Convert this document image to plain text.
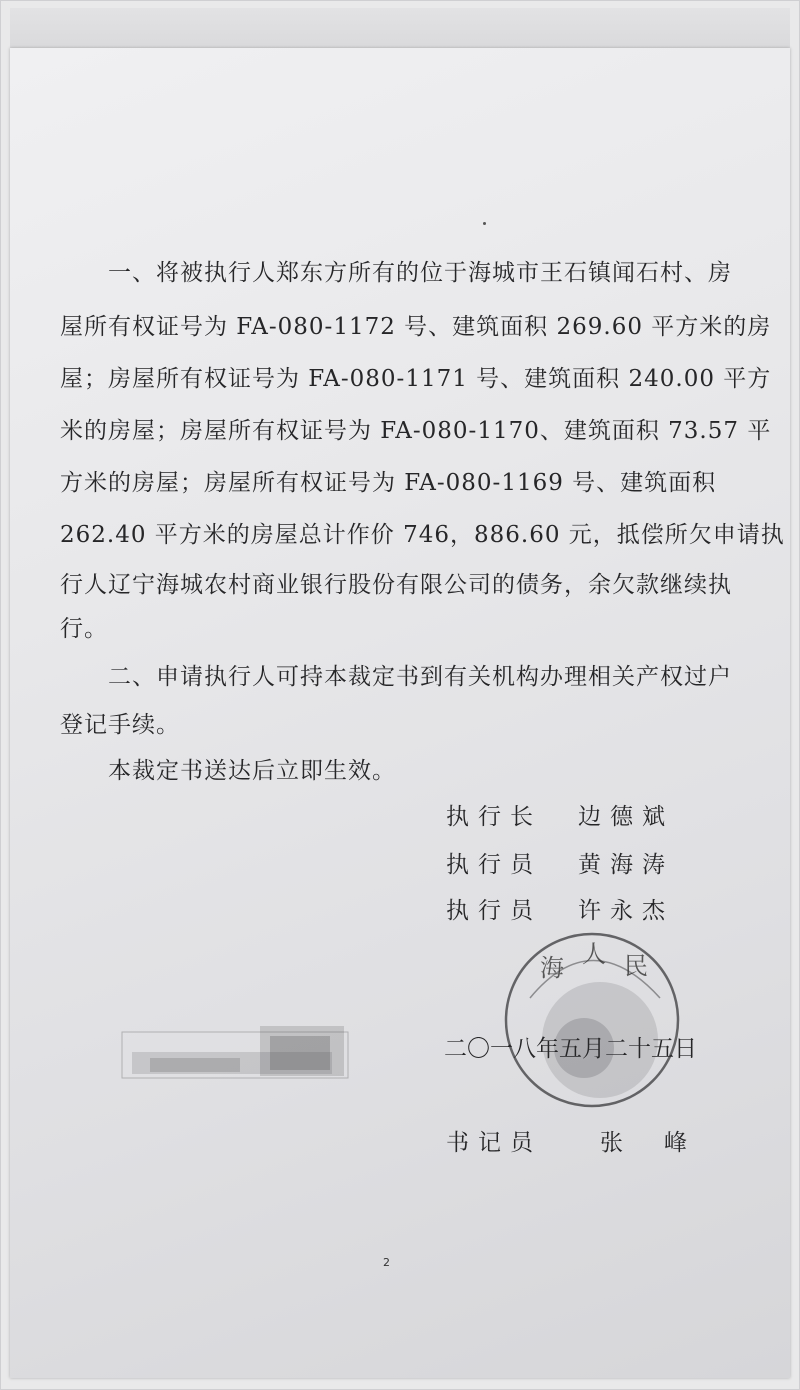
一、将被执行人郑东方所有的位于海城市王石镇闻石村、房
屋所有权证号为 FA-080-1172 号、建筑面积 269.60 平方米的房
屋；房屋所有权证号为 FA-080-1171 号、建筑面积 240.00 平方
米的房屋；房屋所有权证号为 FA-080-1170、建筑面积 73.57 平
方米的房屋；房屋所有权证号为 FA-080-1169 号、建筑面积
262.40 平方米的房屋总计作价 746，886.60 元，抵偿所欠申请执
行人辽宁海城农村商业银行股份有限公司的债务，余欠款继续执
行。
二、申请执行人可持本裁定书到有关机构办理相关产权过户
登记手续。
本裁定书送达后立即生效。
执行长 边德斌
执行员 黄海涛
执行员 许永杰
海 人 民
二〇一八年五月二十五日
书记员	张　峰
2
